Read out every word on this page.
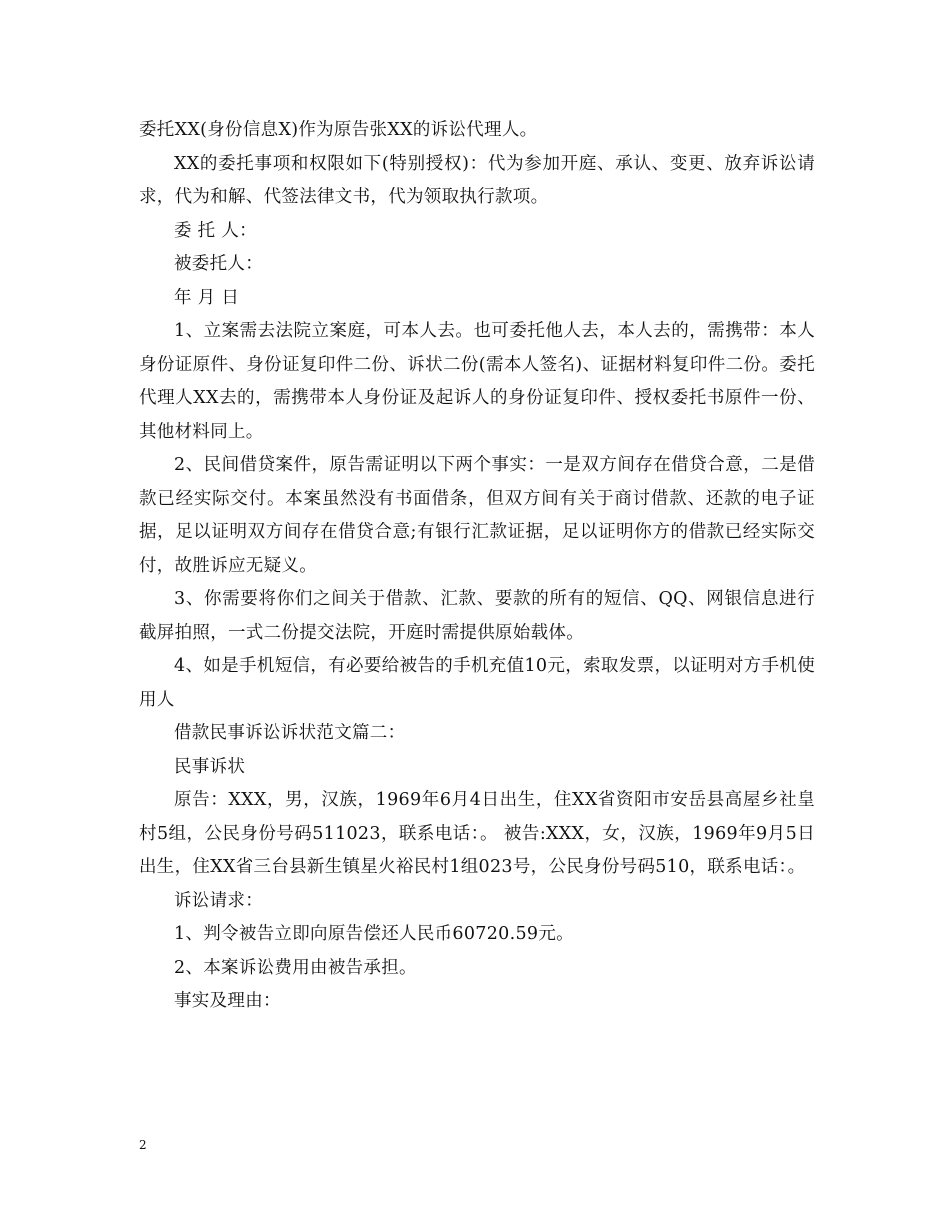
委托XX(身份信息X)作为原告张XX的诉讼代理人。

XX的委托事项和权限如下(特别授权)：代为参加开庭、承认、变更、放弃诉讼请求，代为和解、代签法律文书，代为领取执行款项。

委 托 人：

被委托人：

年 月 日

1、立案需去法院立案庭，可本人去。也可委托他人去，本人去的，需携带：本人身份证原件、身份证复印件二份、诉状二份(需本人签名)、证据材料复印件二份。委托代理人XX去的，需携带本人身份证及起诉人的身份证复印件、授权委托书原件一份、其他材料同上。

2、民间借贷案件，原告需证明以下两个事实：一是双方间存在借贷合意，二是借款已经实际交付。本案虽然没有书面借条，但双方间有关于商讨借款、还款的电子证据，足以证明双方间存在借贷合意;有银行汇款证据，足以证明你方的借款已经实际交付，故胜诉应无疑义。

3、你需要将你们之间关于借款、汇款、要款的所有的短信、QQ、网银信息进行截屏拍照，一式二份提交法院，开庭时需提供原始载体。

4、如是手机短信，有必要给被告的手机充值10元，索取发票，以证明对方手机使用人

借款民事诉讼诉状范文篇二：

民事诉状

原告：XXX，男，汉族，1969年6月4日出生，住XX省资阳市安岳县高屋乡社皇村5组，公民身份号码511023，联系电话：。 被告:XXX，女，汉族，1969年9月5日出生，住XX省三台县新生镇星火裕民村1组023号，公民身份号码510，联系电话：。

诉讼请求：

1、判令被告立即向原告偿还人民币60720.59元。

2、本案诉讼费用由被告承担。

事实及理由：

2
